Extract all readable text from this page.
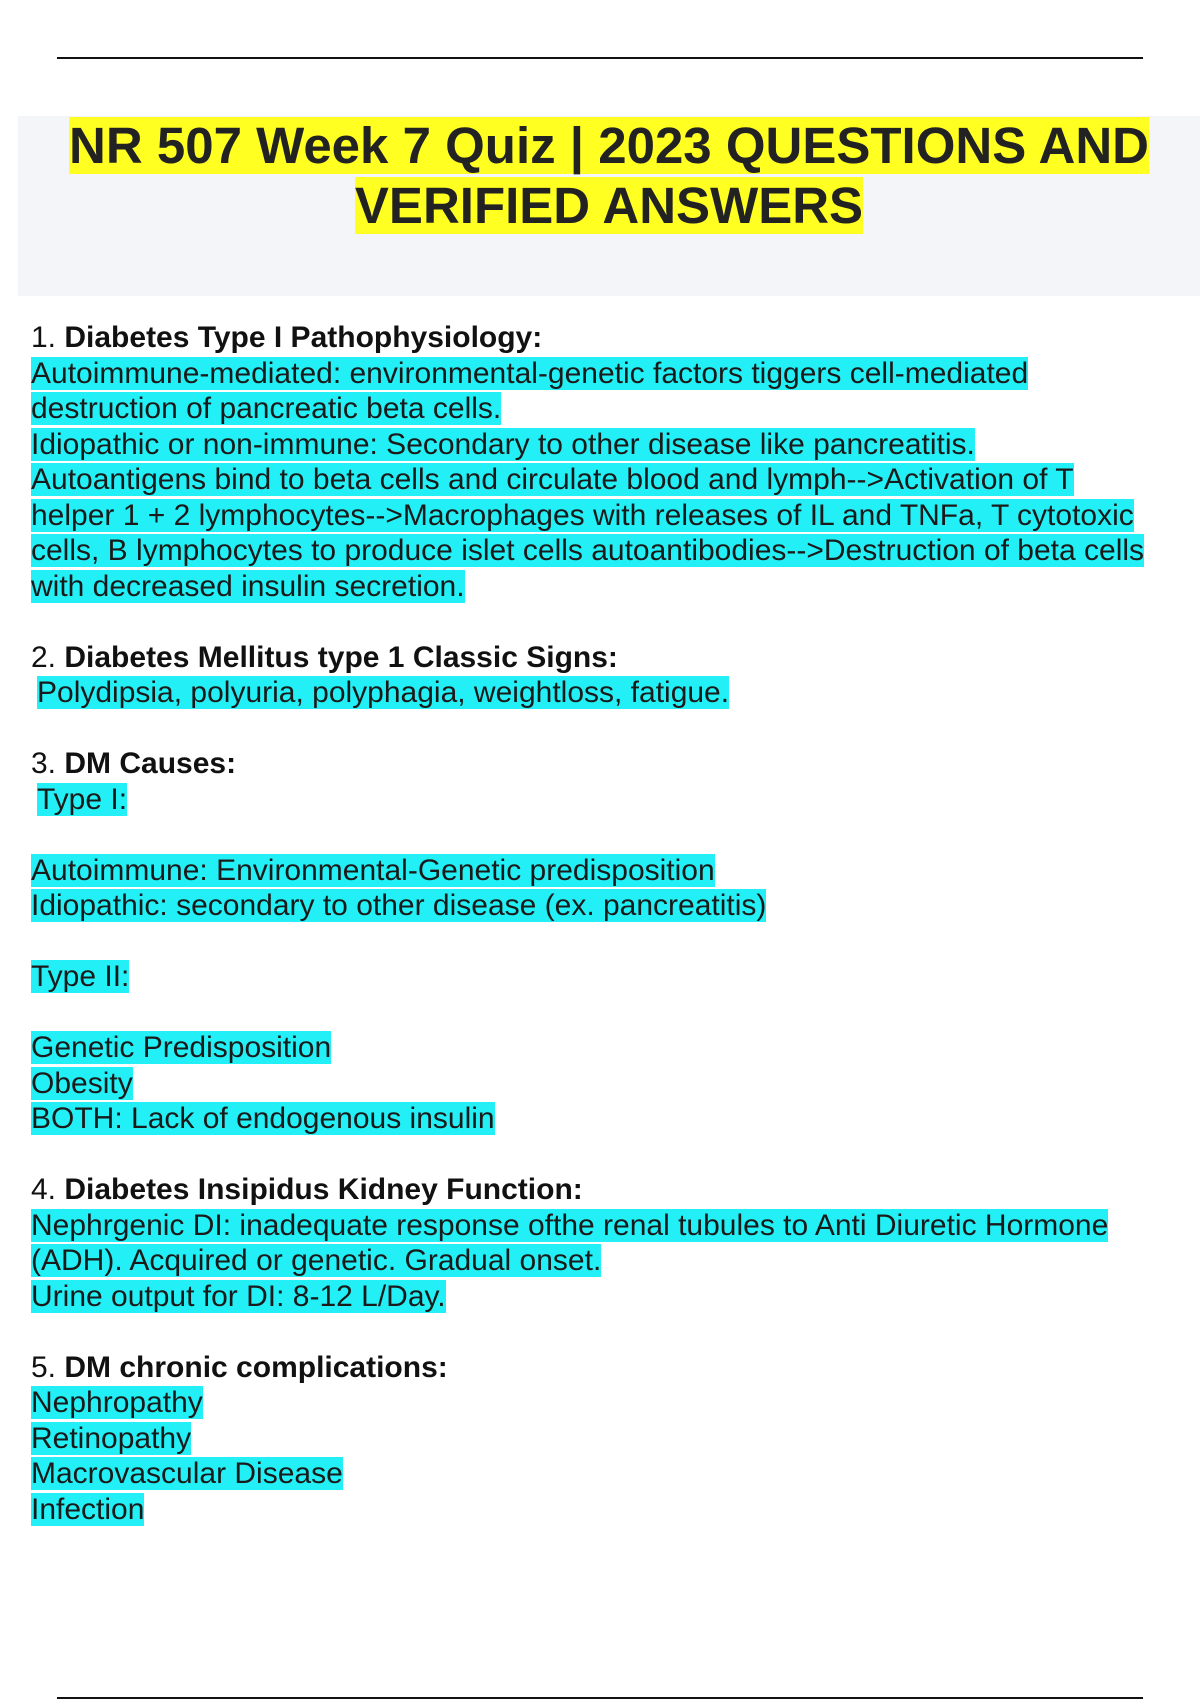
NR 507 Week 7 Quiz | 2023 QUESTIONS AND
VERIFIED ANSWERS
1. Diabetes Type I Pathophysiology:
Autoimmune-mediated: environmental-genetic factors tiggers cell-mediated
destruction of pancreatic beta cells.
Idiopathic or non-immune: Secondary to other disease like pancreatitis.
Autoantigens bind to beta cells and circulate blood and lymph-->Activation of T
helper 1 + 2 lymphocytes-->Macrophages with releases of IL and TNFa, T cytotoxic
cells, B lymphocytes to produce islet cells autoantibodies-->Destruction of beta cells
with decreased insulin secretion.
2. Diabetes Mellitus type 1 Classic Signs:
Polydipsia, polyuria, polyphagia, weightloss, fatigue.
3. DM Causes:
Type I:
Autoimmune: Environmental-Genetic predisposition
Idiopathic: secondary to other disease (ex. pancreatitis)
Type II:
Genetic Predisposition
Obesity
BOTH: Lack of endogenous insulin
4. Diabetes Insipidus Kidney Function:
Nephrgenic DI: inadequate response ofthe renal tubules to Anti Diuretic Hormone
(ADH). Acquired or genetic. Gradual onset.
Urine output for DI: 8-12 L/Day.
5. DM chronic complications:
Nephropathy
Retinopathy
Macrovascular Disease
Infection
